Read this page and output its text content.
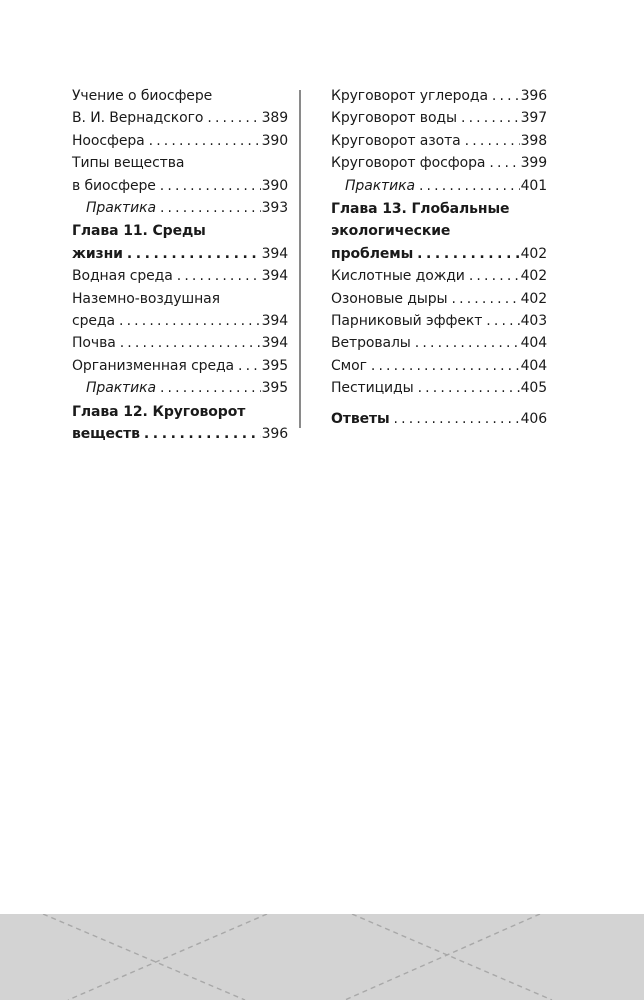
Учение о биосфере
В. И. Вернадского . . .	389
Ноосфера . . .	390
Типы вещества
в биосфере . . .	390
Практика . . .	393
Глава 11. Среды
жизни . . .	394
Водная среда . . .	394
Наземно-воздушная
среда . . .	394
Почва . . .	394
Организменная среда . . . 395
Практика . . .	395
Глава 12. Круговорот
веществ . . .	396
Круговорот углерода . . . 396
Круговорот воды . . .	397
Круговорот азота . . .	398
Круговорот фосфора . . .	399
Практика . . .	401
Глава 13. Глобальные
экологические
проблемы . . .	402
Кислотные дожди . . .	402
Озоновые дыры . . .	402
Парниковый эффект . . .	403
Ветровалы . . .	404
Смог . . .	404
Пестициды . . .	405
Ответы . . .	406
